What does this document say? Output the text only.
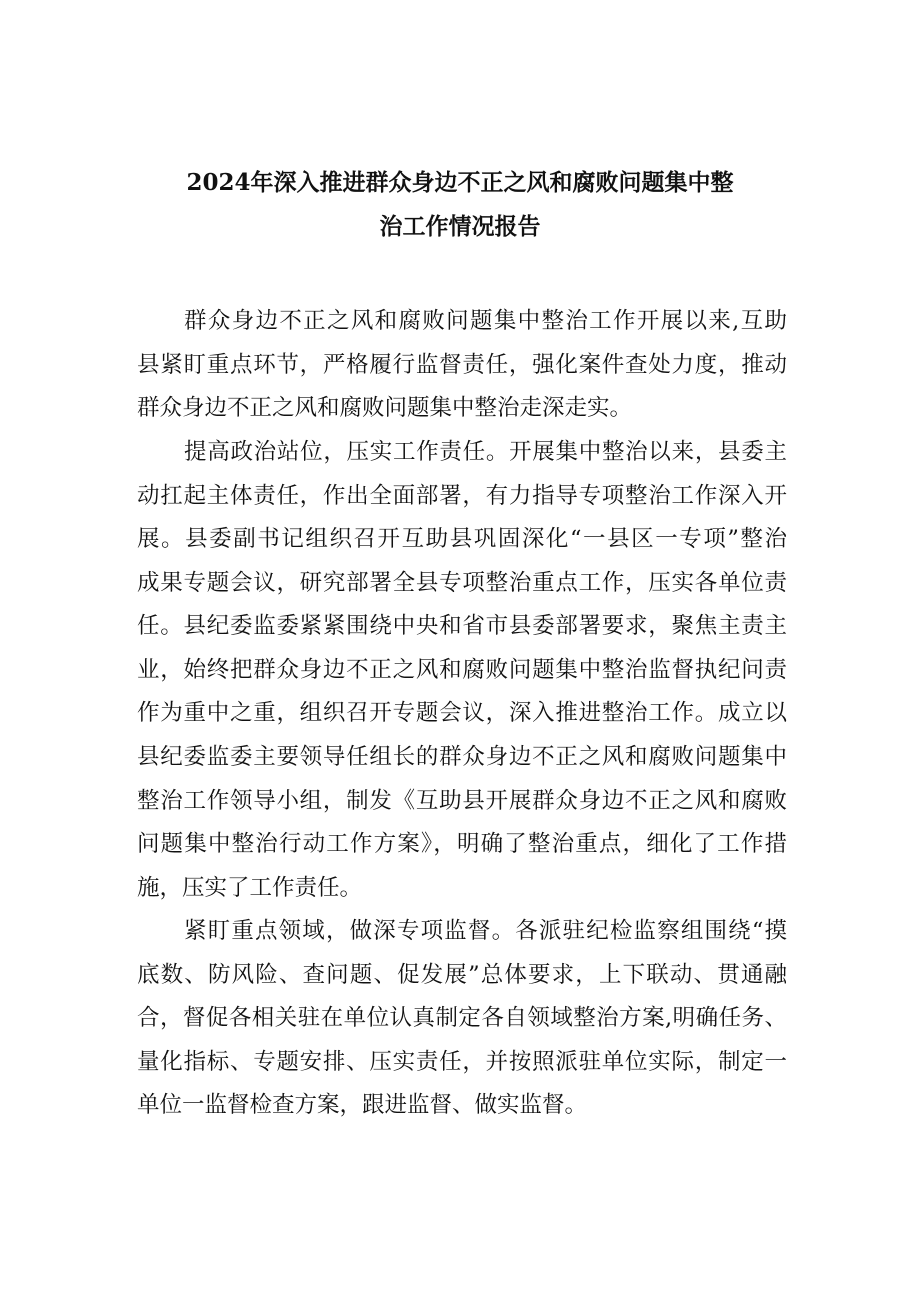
2024年深入推进群众身边不正之风和腐败问题集中整
治工作情况报告
群众身边不正之风和腐败问题集中整治工作开展以来,互助
县紧盯重点环节，严格履行监督责任，强化案件查处力度，推动
群众身边不正之风和腐败问题集中整治走深走实。
提高政治站位，压实工作责任。开展集中整治以来，县委主
动扛起主体责任，作出全面部署，有力指导专项整治工作深入开
展。县委副书记组织召开互助县巩固深化“一县区一专项”整治
成果专题会议，研究部署全县专项整治重点工作，压实各单位责
任。县纪委监委紧紧围绕中央和省市县委部署要求，聚焦主责主
业，始终把群众身边不正之风和腐败问题集中整治监督执纪问责
作为重中之重，组织召开专题会议，深入推进整治工作。成立以
县纪委监委主要领导任组长的群众身边不正之风和腐败问题集中
整治工作领导小组，制发《互助县开展群众身边不正之风和腐败
问题集中整治行动工作方案》，明确了整治重点，细化了工作措
施，压实了工作责任。
紧盯重点领域，做深专项监督。各派驻纪检监察组围绕“摸
底数、防风险、查问题、促发展”总体要求，上下联动、贯通融
合，督促各相关驻在单位认真制定各自领域整治方案,明确任务、
量化指标、专题安排、压实责任，并按照派驻单位实际，制定一
单位一监督检查方案，跟进监督、做实监督。
